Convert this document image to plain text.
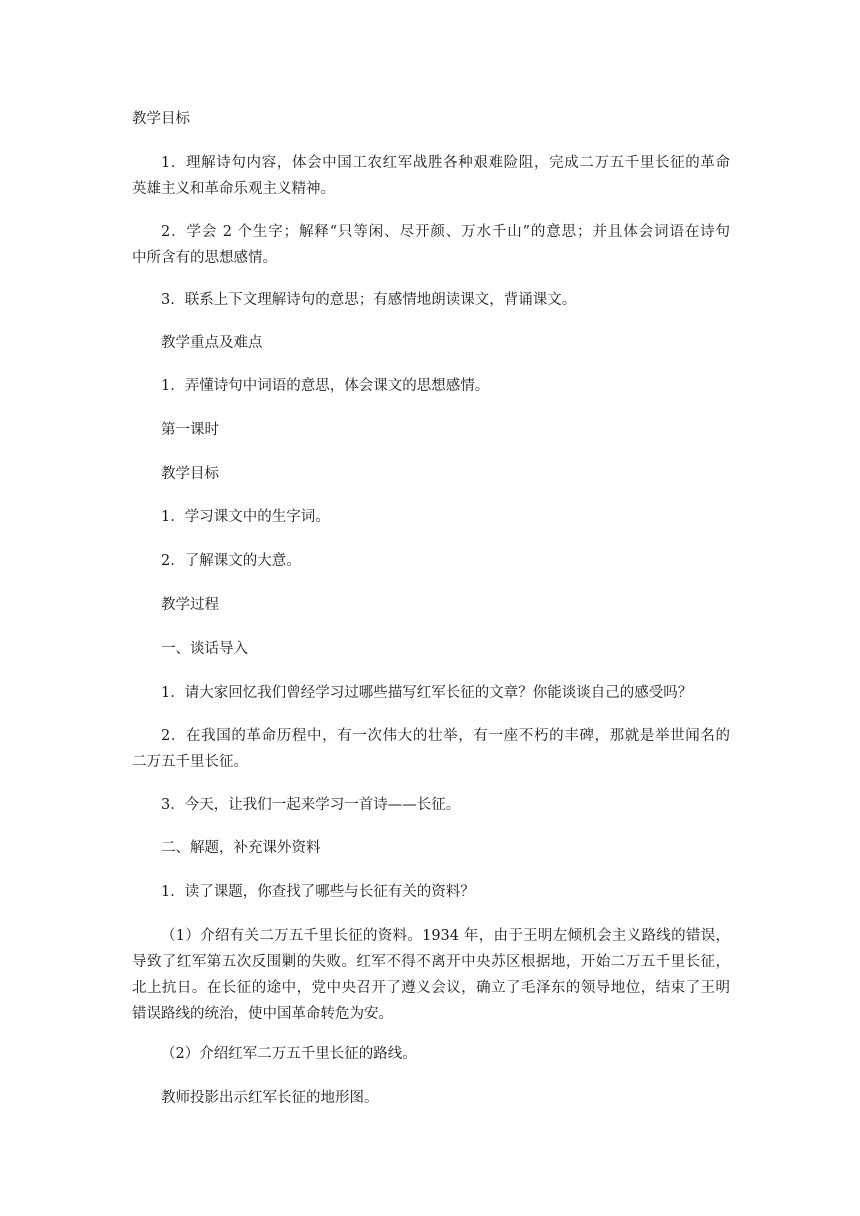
教学目标

1．理解诗句内容，体会中国工农红军战胜各种艰难险阻，完成二万五千里长征的革命
英雄主义和革命乐观主义精神。
2．学会 2 个生字；解释“只等闲、尽开颜、万水千山”的意思；并且体会词语在诗句
中所含有的思想感情。

3．联系上下文理解诗句的意思；有感情地朗读课文，背诵课文。

教学重点及难点

1．弄懂诗句中词语的意思，体会课文的思想感情。

第一课时

教学目标

1．学习课文中的生字词。

2．了解课文的大意。

教学过程

一、谈话导入

1．请大家回忆我们曾经学习过哪些描写红军长征的文章？你能谈谈自己的感受吗？

2．在我国的革命历程中，有一次伟大的壮举，有一座不朽的丰碑，那就是举世闻名的
二万五千里长征。

3．今天，让我们一起来学习一首诗——长征。

二、解题，补充课外资料

1．读了课题，你查找了哪些与长征有关的资料？

（1）介绍有关二万五千里长征的资料。1934 年，由于王明左倾机会主义路线的错误，
导致了红军第五次反围剿的失败。红军不得不离开中央苏区根据地，开始二万五千里长征，
北上抗日。在长征的途中，党中央召开了遵义会议，确立了毛泽东的领导地位，结束了王明
错误路线的统治，使中国革命转危为安。

（2）介绍红军二万五千里长征的路线。

教师投影出示红军长征的地形图。
